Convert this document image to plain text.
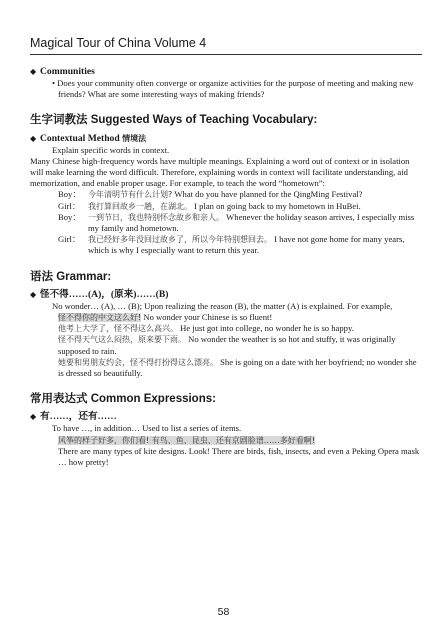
Magical Tour of China Volume 4
◆ Communities
• Does your community often converge or organize activities for the purpose of meeting and making new friends? What are some interesting ways of making friends?
生字词教法 Suggested Ways of Teaching Vocabulary:
◆ Contextual Method 情境法
Explain specific words in context.
Many Chinese high-frequency words have multiple meanings. Explaining a word out of context or in isolation will make learning the word difficult. Therefore, explaining words in context will facilitate understanding, aid memorization, and enable proper usage. For example, to teach the word “hometown”:
Boy： 今年清明节有什么计划? What do you have planned for the QingMing Festival?
Girl： 我打算回故乡一趟，在湖北。 I plan on going back to my hometown in HuBei.
Boy： 一到节日，我也特别怀念故乡和亲人。 Whenever the holiday season arrives, I especially miss my family and hometown.
Girl： 我已经好多年没回过故乡了，所以今年特别想回去。 I have not gone home for many years, which is why I especially want to return this year.
语法 Grammar:
◆ 怪不得……(A)，(原来)……(B)
No wonder… (A), … (B); Upon realizing the reason (B), the matter (A) is explained. For example,
怪不得你的中文这么好! No wonder your Chinese is so fluent!
他考上大学了，怪不得这么高兴。 He just got into college, no wonder he is so happy.
怪不得天气这么闷热，原来要下雨。 No wonder the weather is so hot and stuffy, it was originally supposed to rain.
她要和男朋友约会，怪不得打扮得这么漂亮。 She is going on a date with her boyfriend; no wonder she is dressed so beautifully.
常用表达式 Common Expressions:
◆ 有……，还有……
To have …, in addition… Used to list a series of items.
风筝的样子好多，你们看! 有鸟、鱼、昆虫、还有京剧脸谱……多好看啊!
There are many types of kite designs. Look! There are birds, fish, insects, and even a Peking Opera mask … how pretty!
58
